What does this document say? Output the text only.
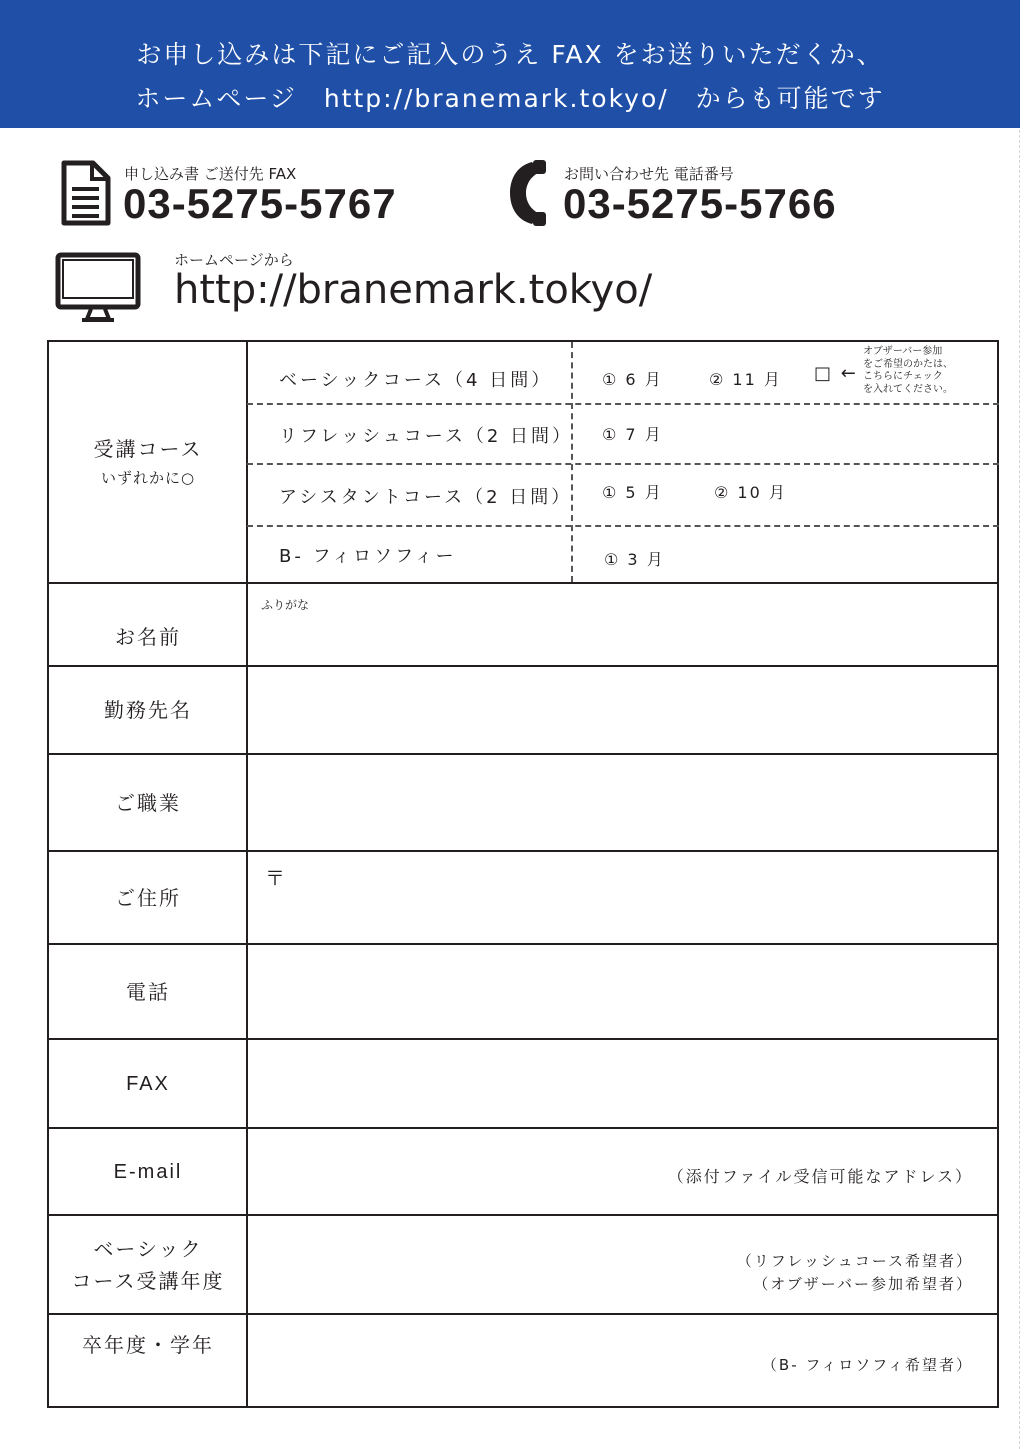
お申し込みは下記にご記入のうえ FAX をお送りいただくか、
ホームページ　http://branemark.tokyo/　からも可能です
申し込み書 ご送付先 FAX
03-5275-5767
お問い合わせ先 電話番号
03-5275-5766
ホームページから
http://branemark.tokyo/
受講コース
いずれかに○
ベーシックコース（4 日間）	① 6 月	② 11 月 □ ←
オブザーバー参加
をご希望のかたは、
こちらにチェック
を入れてください。
リフレッシュコース（2 日間） ① 7 月
アシスタントコース（2 日間） ① 5 月	② 10 月
B- フィロソフィー	① 3 月
お名前
ふりがな
勤務先名
ご職業
ご住所
〒
電話
FAX
E-mail	（添付ファイル受信可能なアドレス）
ベーシック
コース受講年度
（リフレッシュコース希望者）
（オブザーバー参加希望者）
卒年度・学年
（B- フィロソフィ希望者）
